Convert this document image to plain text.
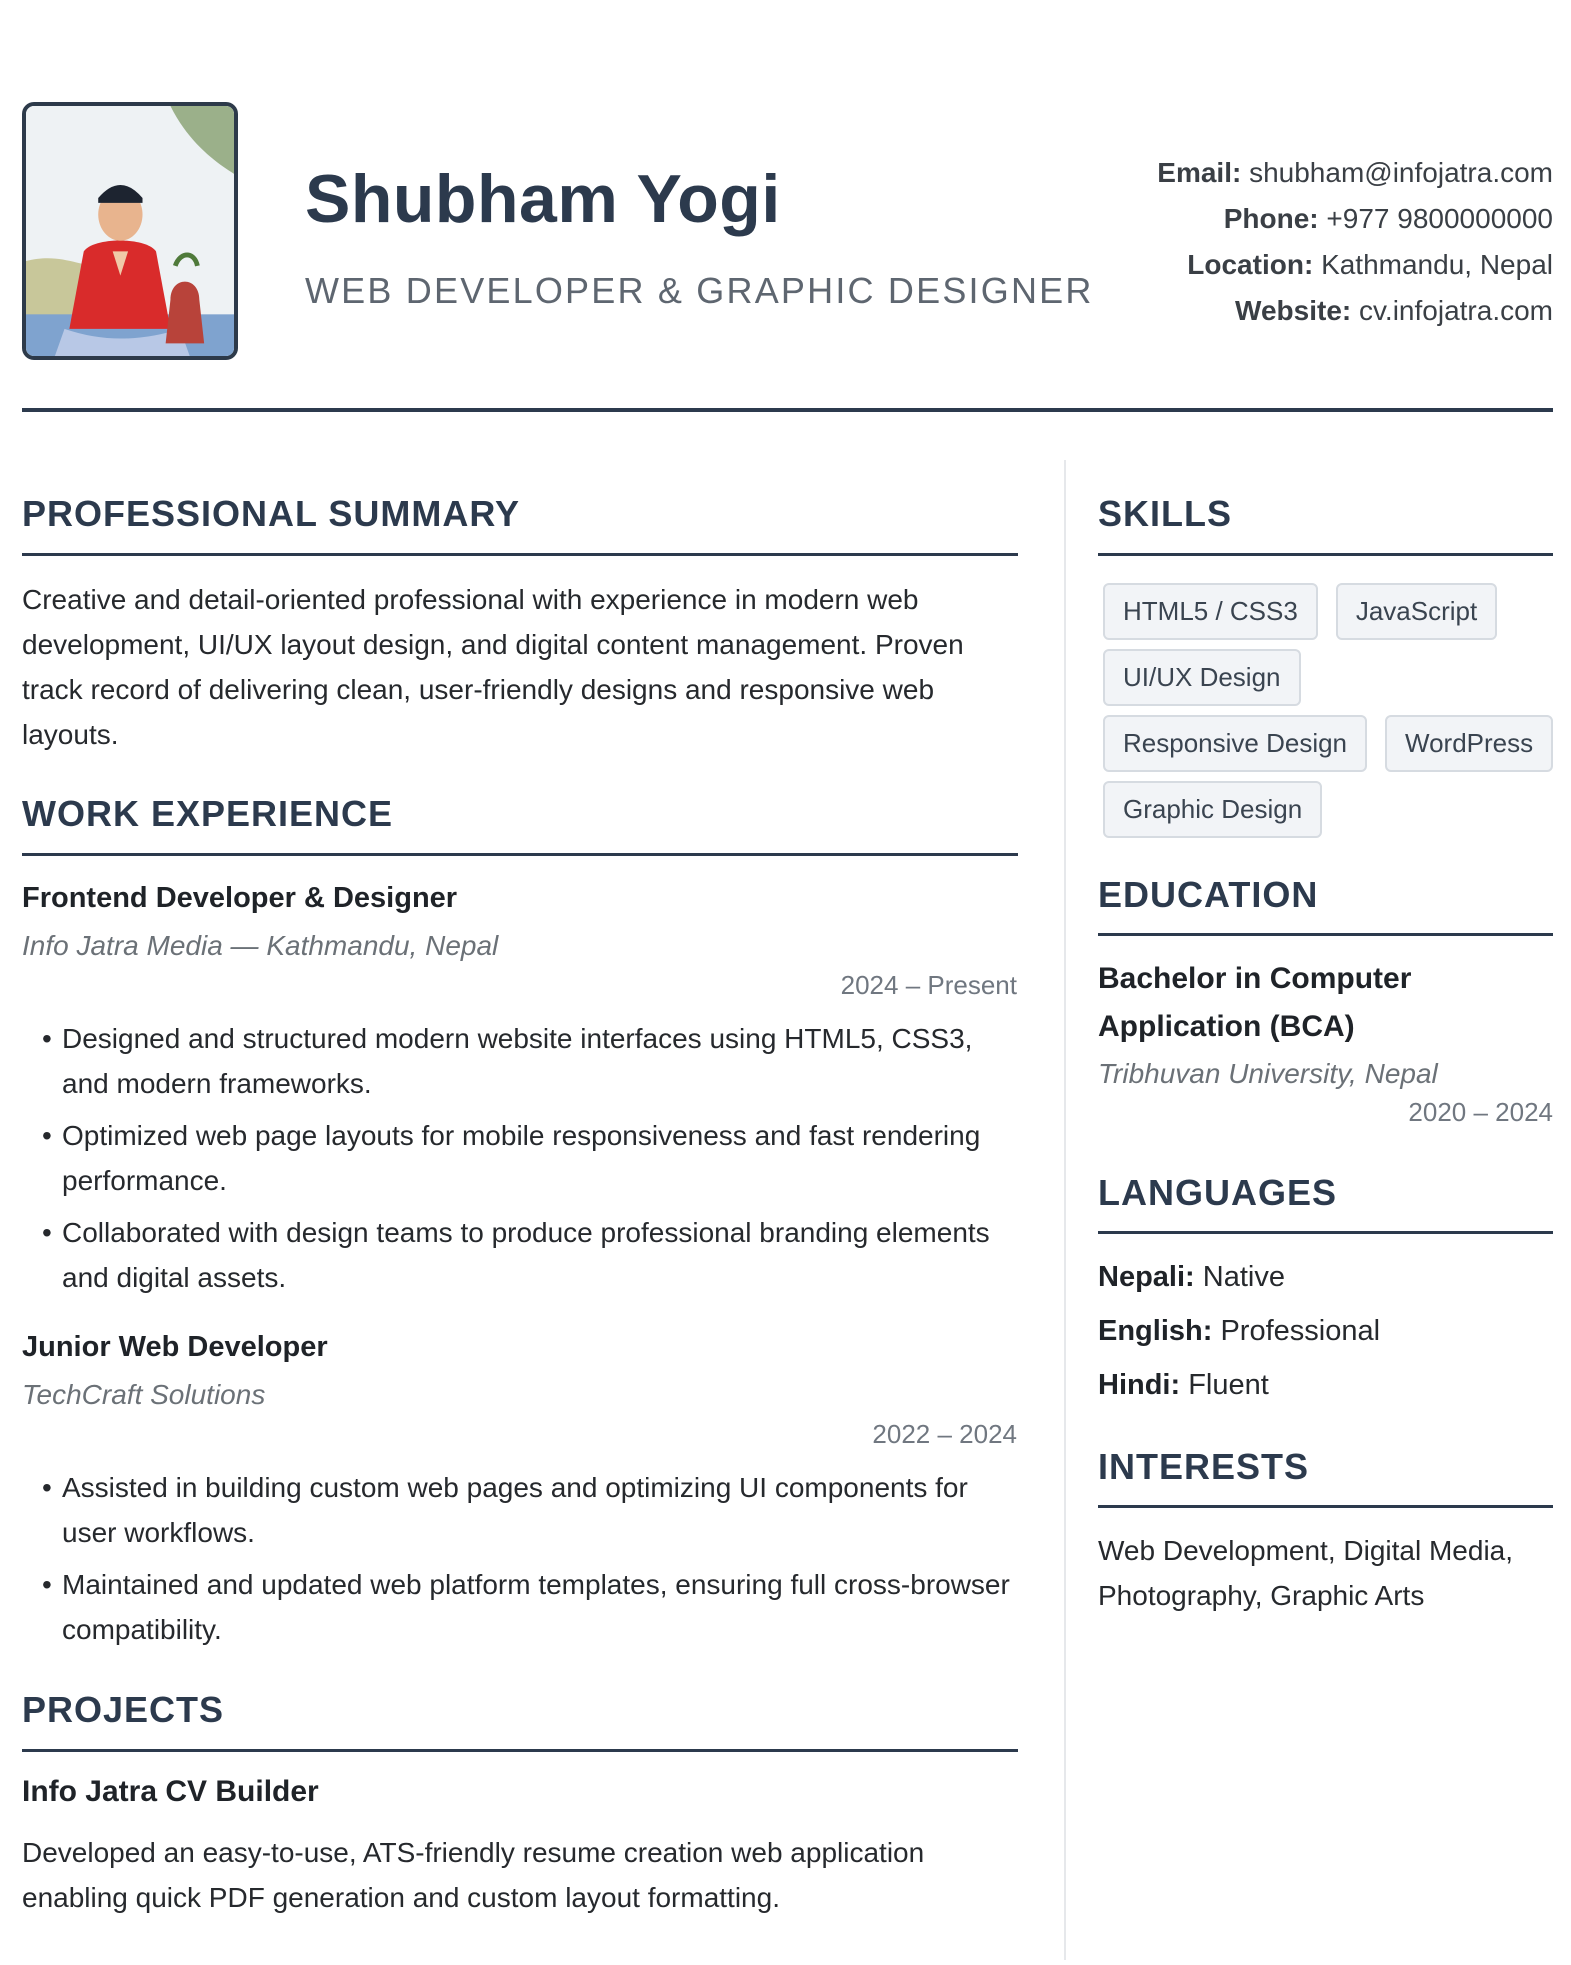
Shubham Yogi
WEB DEVELOPER & GRAPHIC DESIGNER
Email: shubham@infojatra.com
Phone: +977 9800000000
Location: Kathmandu, Nepal
Website: cv.infojatra.com
PROFESSIONAL SUMMARY
Creative and detail-oriented professional with experience in modern web development, UI/UX layout design, and digital content management. Proven track record of delivering clean, user-friendly designs and responsive web layouts.
WORK EXPERIENCE
Frontend Developer & Designer
Info Jatra Media — Kathmandu, Nepal
2024 – Present
• Designed and structured modern website interfaces using HTML5, CSS3, and modern frameworks.
• Optimized web page layouts for mobile responsiveness and fast rendering performance.
• Collaborated with design teams to produce professional branding elements and digital assets.
Junior Web Developer
TechCraft Solutions
2022 – 2024
• Assisted in building custom web pages and optimizing UI components for user workflows.
• Maintained and updated web platform templates, ensuring full cross-browser compatibility.
PROJECTS
Info Jatra CV Builder
Developed an easy-to-use, ATS-friendly resume creation web application enabling quick PDF generation and custom layout formatting.
SKILLS
HTML5 / CSS3	JavaScript
UI/UX Design
Responsive Design	WordPress
Graphic Design
EDUCATION
Bachelor in Computer Application (BCA)
Tribhuvan University, Nepal
2020 – 2024
LANGUAGES
Nepali: Native
English: Professional
Hindi: Fluent
INTERESTS
Web Development, Digital Media, Photography, Graphic Arts
